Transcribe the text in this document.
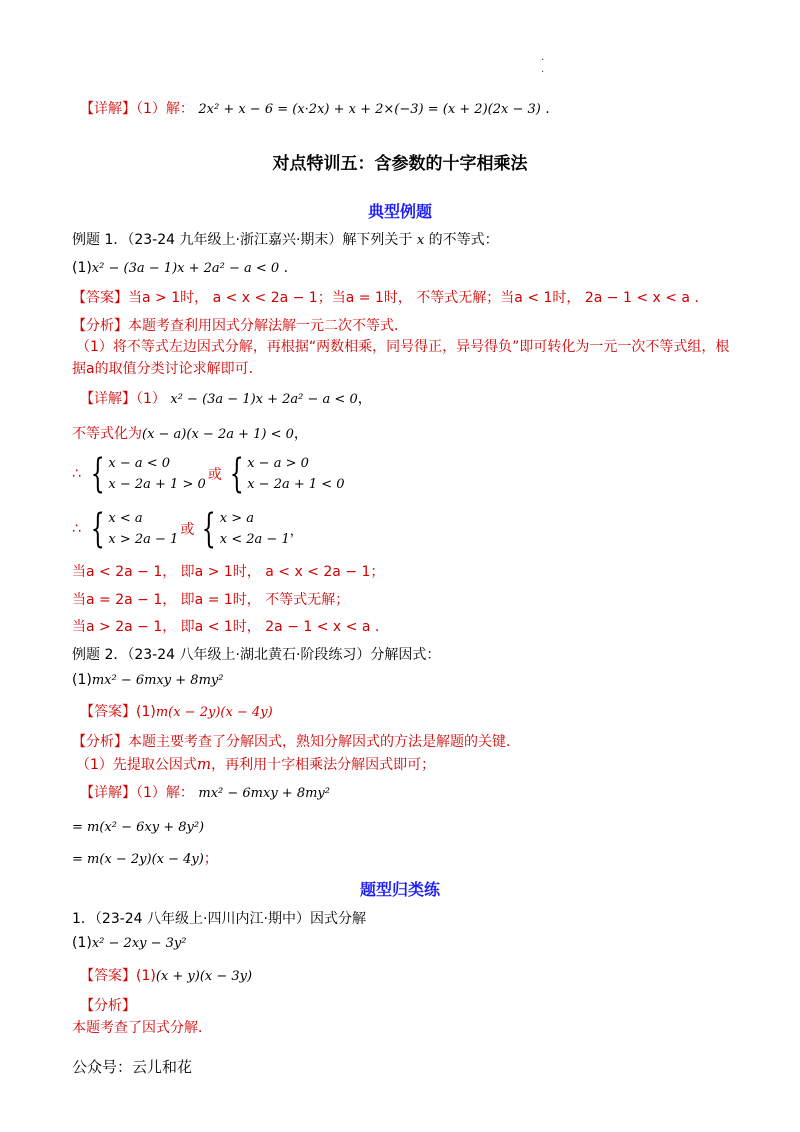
.
.
【详解】（1）解： 2x² + x − 6 = (x·2x) + x + 2×(−3) = (x + 2)(2x − 3) .
对点特训五：含参数的十字相乘法
典型例题
例题 1．（23-24 九年级上·浙江嘉兴·期末）解下列关于 x 的不等式：
(1)x² − (3a − 1)x + 2a² − a < 0 .
【答案】当a > 1时， a < x < 2a − 1；当a = 1时， 不等式无解；当a < 1时， 2a − 1 < x < a ．
【分析】本题考查利用因式分解法解一元二次不等式．
（1）将不等式左边因式分解，再根据“两数相乘，同号得正，异号得负”即可转化为一元一次不等式组，根
据a的取值分类讨论求解即可．
【详解】（1） x² − (3a − 1)x + 2a² − a < 0，
不等式化为(x − a)(x − 2a + 1) < 0，
∴ { x − a < 0
x − 2a + 1 > 0
或 { x − a > 0
x − 2a + 1 < 0
∴ { x < a
x > 2a − 1
或 { x > a
x < 2a − 1
，
当a < 2a − 1， 即a > 1时， a < x < 2a − 1；
当a = 2a − 1， 即a = 1时， 不等式无解；
当a > 2a − 1， 即a < 1时， 2a − 1 < x < a .
例题 2．（23-24 八年级上·湖北黄石·阶段练习）分解因式：
(1)mx² − 6mxy + 8my²
【答案】(1)m(x − 2y)(x − 4y)
【分析】本题主要考查了分解因式，熟知分解因式的方法是解题的关键．
（1）先提取公因式m，再利用十字相乘法分解因式即可；
【详解】（1）解： mx² − 6mxy + 8my²
= m(x² − 6xy + 8y²)
= m(x − 2y)(x − 4y)；
题型归类练
1．（23-24 八年级上·四川内江·期中）因式分解
(1)x² − 2xy − 3y²
【答案】(1)(x + y)(x − 3y)
【分析】
本题考查了因式分解．
公众号：云儿和花
